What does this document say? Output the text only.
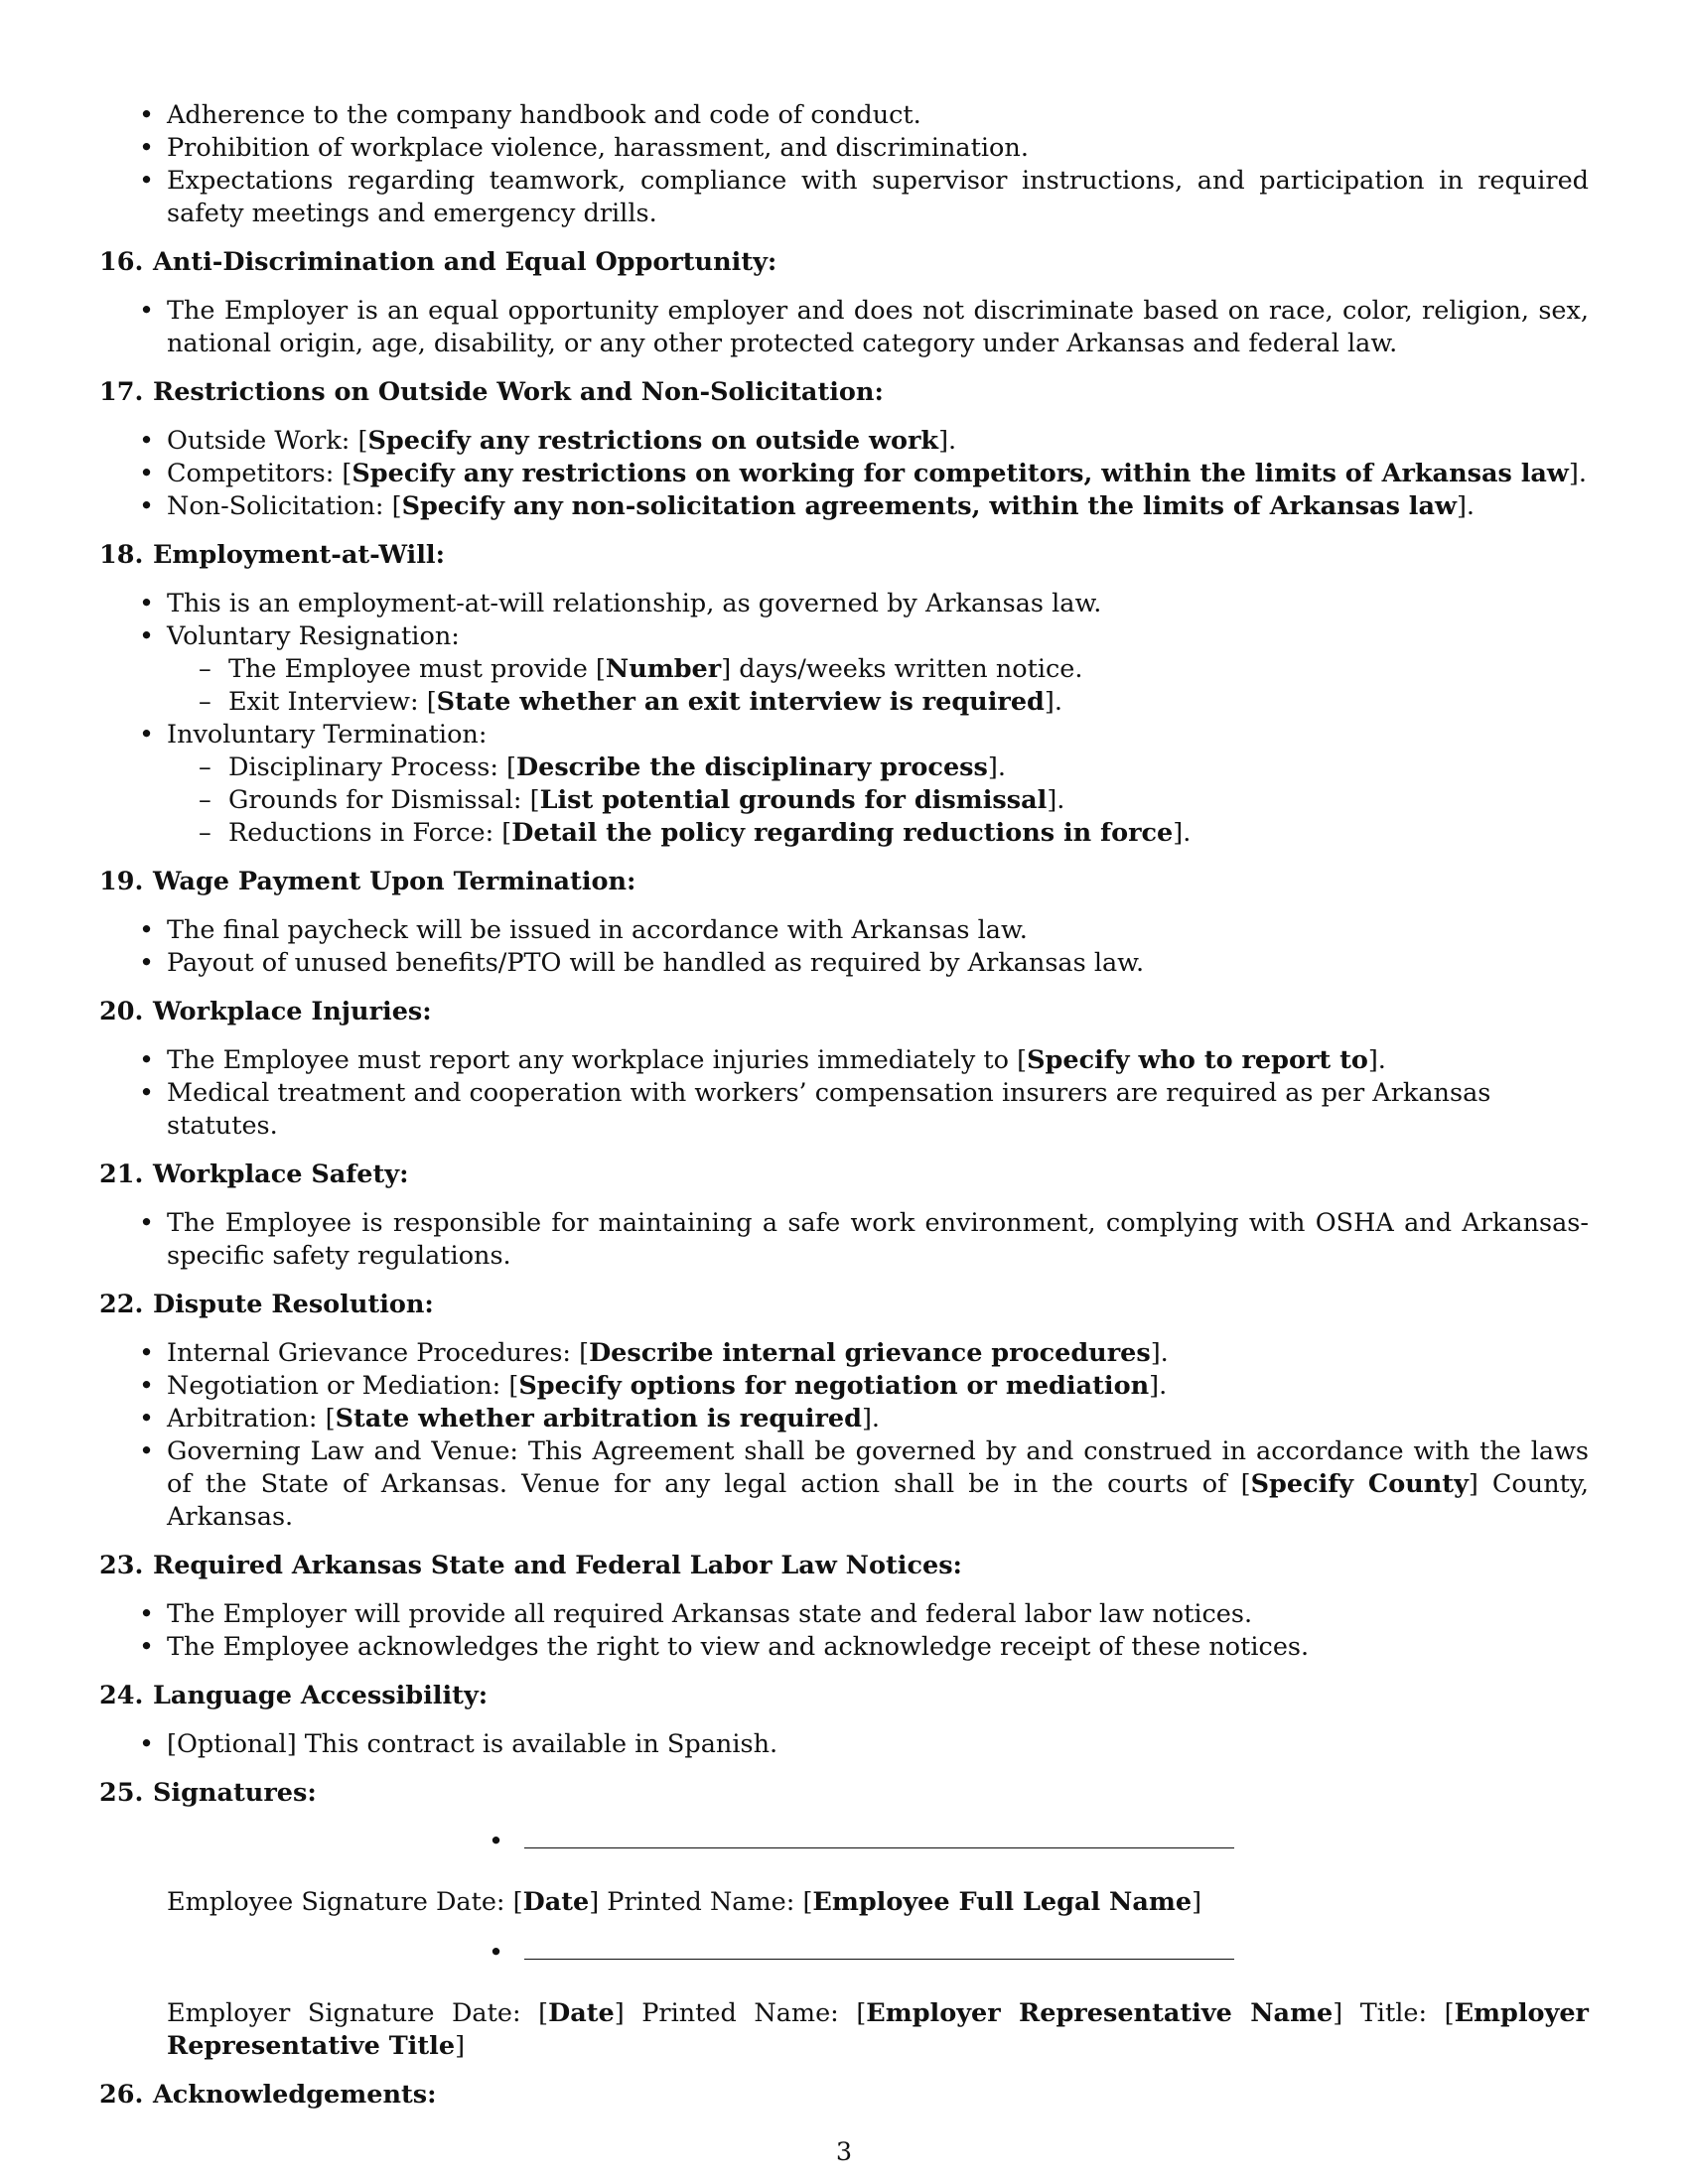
• Adherence to the company handbook and code of conduct.
• Prohibition of workplace violence, harassment, and discrimination.
• Expectations regarding teamwork, compliance with supervisor instructions, and participation in required safety meetings and emergency drills.
16. Anti-Discrimination and Equal Opportunity:
• The Employer is an equal opportunity employer and does not discriminate based on race, color, religion, sex, national origin, age, disability, or any other protected category under Arkansas and federal law.
17. Restrictions on Outside Work and Non-Solicitation:
• Outside Work: [Specify any restrictions on outside work].
• Competitors: [Specify any restrictions on working for competitors, within the limits of Arkansas law].
• Non-Solicitation: [Specify any non-solicitation agreements, within the limits of Arkansas law].
18. Employment-at-Will:
• This is an employment-at-will relationship, as governed by Arkansas law.
• Voluntary Resignation:
– The Employee must provide [Number] days/weeks written notice.
– Exit Interview: [State whether an exit interview is required].
• Involuntary Termination:
– Disciplinary Process: [Describe the disciplinary process].
– Grounds for Dismissal: [List potential grounds for dismissal].
– Reductions in Force: [Detail the policy regarding reductions in force].
19. Wage Payment Upon Termination:
• The final paycheck will be issued in accordance with Arkansas law.
• Payout of unused benefits/PTO will be handled as required by Arkansas law.
20. Workplace Injuries:
• The Employee must report any workplace injuries immediately to [Specify who to report to].
• Medical treatment and cooperation with workers’ compensation insurers are required as per Arkansas statutes.
21. Workplace Safety:
• The Employee is responsible for maintaining a safe work environment, complying with OSHA and Arkansas-specific safety regulations.
22. Dispute Resolution:
• Internal Grievance Procedures: [Describe internal grievance procedures].
• Negotiation or Mediation: [Specify options for negotiation or mediation].
• Arbitration: [State whether arbitration is required].
• Governing Law and Venue: This Agreement shall be governed by and construed in accordance with the laws of the State of Arkansas. Venue for any legal action shall be in the courts of [Specify County] County, Arkansas.
23. Required Arkansas State and Federal Labor Law Notices:
• The Employer will provide all required Arkansas state and federal labor law notices.
• The Employee acknowledges the right to view and acknowledge receipt of these notices.
24. Language Accessibility:
• [Optional] This contract is available in Spanish.
25. Signatures:
•
Employee Signature Date: [Date] Printed Name: [Employee Full Legal Name]
•
Employer Signature Date: [Date] Printed Name: [Employer Representative Name] Title: [Employer Representative Title]
26. Acknowledgements:
3
